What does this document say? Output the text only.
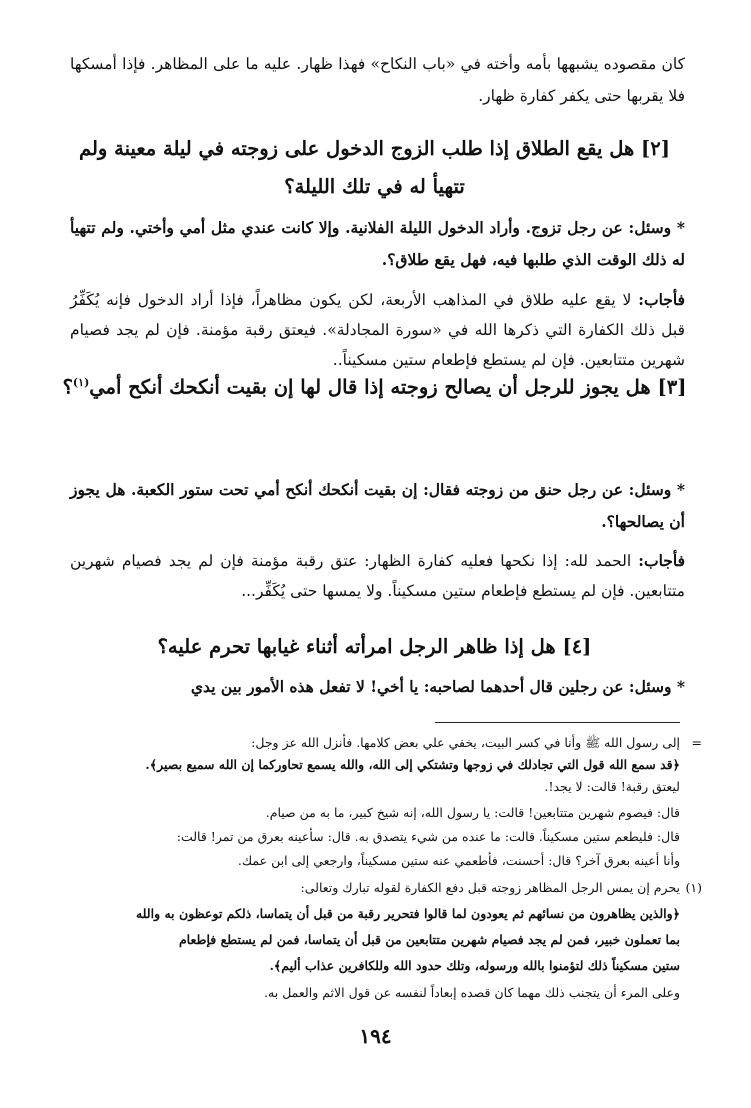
كان مقصوده يشبهها بأمه وأخته في «باب النكاح» فهذا ظهار. عليه ما على المظاهر. فإذا أمسكها فلا يقربها حتى يكفر كفارة ظهار.
[٢] هل يقع الطلاق إذا طلب الزوج الدخول على زوجته في ليلة معينة ولم تتهيأ له في تلك الليلة؟
* وسئل: عن رجل تزوج. وأراد الدخول الليلة الفلانية. وإلا كانت عندي مثل أمي وأختي. ولم تتهيأ له ذلك الوقت الذي طلبها فيه، فهل يقع طلاق؟.
فأجاب: لا يقع عليه طلاق في المذاهب الأربعة، لكن يكون مظاهراً، فإذا أراد الدخول فإنه يُكَفِّرُ قبل ذلك الكفارة التي ذكرها الله في «سورة المجادلة». فيعتق رقبة مؤمنة. فإن لم يجد فصيام شهرين متتابعين. فإن لم يستطع فإطعام ستين مسكيناً..
[٣] هل يجوز للرجل أن يصالح زوجته إذا قال لها إن بقيت أنكحك أنكح أمي$^{(١)}$؟
* وسئل: عن رجل حنق من زوجته فقال: إن بقيت أنكحك أنكح أمي تحت ستور الكعبة. هل يجوز أن يصالحها؟.
فأجاب: الحمد لله: إذا نكحها فعليه كفارة الظهار: عتق رقبة مؤمنة فإن لم يجد فصيام شهرين متتابعين. فإن لم يستطع فإطعام ستين مسكيناً. ولا يمسها حتى يُكَفِّر...
[٤] هل إذا ظاهر الرجل امرأته أثناء غيابها تحرم عليه؟
* وسئل: عن رجلين قال أحدهما لصاحبه: يا أخي! لا تفعل هذه الأمور بين يدي
=
إلى رسول الله ﷺ وأنا في كسر البيت، يخفي علي بعض كلامها. فأنزل الله عز وجل:
﴿قد سمع الله قول التي تجادلك في زوجها وتشتكي إلى الله، والله يسمع تحاوركما إن الله سميع بصير﴾.
ليعتق رقبة! قالت: لا يجد!.
قال: فيصوم شهرين متتابعين! قالت: يا رسول الله، إنه شيخ كبير، ما به من صيام.
قال: فليطعم ستين مسكيناً. قالت: ما عنده من شيء يتصدق به. قال: سأعينه بعرق من تمر! قالت:
وأنا أعينه بعرق آخر؟ قال: أحسنت، فأطعمي عنه ستين مسكيناً، وارجعي إلى ابن عمك.
(١)
يحرم إن يمس الرجل المظاهر زوجته قبل دفع الكفارة لقوله تبارك وتعالى:
﴿والذين يظاهرون من نسائهم ثم يعودون لما قالوا فتحرير رقبة من قبل أن يتماسا، ذلكم توعظون به والله
بما تعملون خبير، فمن لم يجد فصيام شهرين متتابعين من قبل أن يتماسا، فمن لم يستطع فإطعام
ستين مسكيناً ذلك لتؤمنوا بالله ورسوله، وتلك حدود الله وللكافرين عذاب أليم﴾.
وعلى المرء أن يتجنب ذلك مهما كان قصده إبعاداً لنفسه عن قول الاثم والعمل به.
١٩٤
